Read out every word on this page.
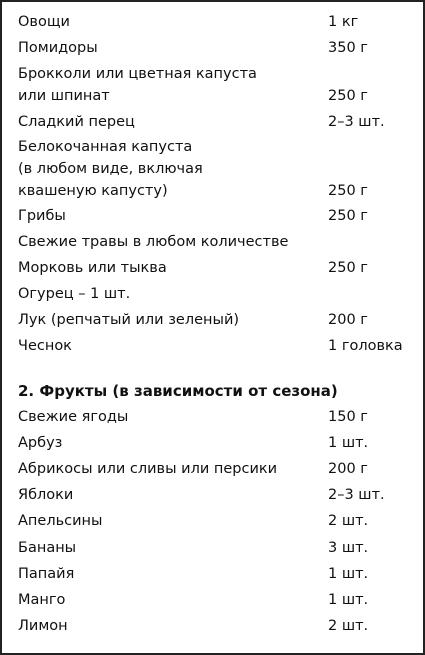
Овощи	1 кг
Помидоры	350 г
Брокколи или цветная капуста
или шпинат	250 г
Сладкий перец	2–3 шт.
Белокочанная капуста
(в любом виде, включая
квашеную капусту)	250 г
Грибы	250 г
Свежие травы в любом количестве
Морковь или тыква	250 г
Огурец – 1 шт.
Лук (репчатый или зеленый)	200 г
Чеснок	1 головка
2. Фрукты (в зависимости от сезона)
Свежие ягоды	150 г
Арбуз	1 шт.
Абрикосы или сливы или персики	200 г
Яблоки	2–3 шт.
Апельсины	2 шт.
Бананы	3 шт.
Папайя	1 шт.
Манго	1 шт.
Лимон	2 шт.
